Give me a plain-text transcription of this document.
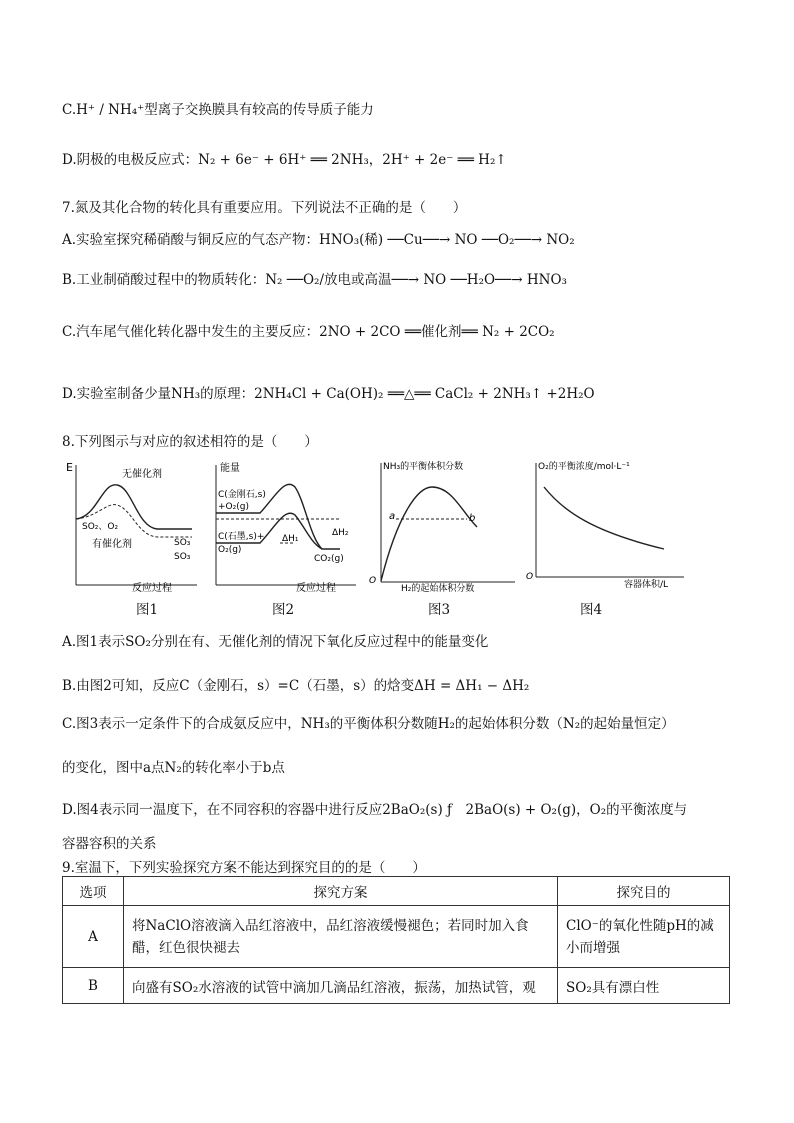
C.H⁺ / NH₄⁺型离子交换膜具有较高的传导质子能力
D.阴极的电极反应式：N₂ + 6e⁻ + 6H⁺ ══ 2NH₃，2H⁺ + 2e⁻ ══ H₂↑
7.氮及其化合物的转化具有重要应用。下列说法不正确的是（　　）
A.实验室探究稀硝酸与铜反应的气态产物：HNO₃(稀) ──Cu──→ NO ──O₂──→ NO₂
B.工业制硝酸过程中的物质转化：N₂ ──O₂/放电或高温──→ NO ──H₂O──→ HNO₃
C.汽车尾气催化转化器中发生的主要反应：2NO + 2CO ══催化剂══ N₂ + 2CO₂
D.实验室制备少量NH₃的原理：2NH₄Cl + Ca(OH)₂ ══△══ CaCl₂ + 2NH₃↑ +2H₂O
8.下列图示与对应的叙述相符的是（　　）
E
反应过程
无催化剂
SO₂、O₂
有催化剂	SO₃
SO₃
能量
反应过程
C(金刚石,s)
+O₂(g)
C(石墨,s)+
O₂(g)
ΔH₁
ΔH₂
CO₂(g)
NH₃的平衡体积分数
H₂的起始体积分数
O
a	b
O₂的平衡浓度/mol·L⁻¹
容器体积/L
O
图1	图2	图3	图4
A.图1表示SO₂分别在有、无催化剂的情况下氧化反应过程中的能量变化
B.由图2可知，反应C（金刚石，s）=C（石墨，s）的焓变ΔH = ΔH₁ − ΔH₂
C.图3表示一定条件下的合成氨反应中，NH₃的平衡体积分数随H₂的起始体积分数（N₂的起始量恒定）
的变化，图中a点N₂的转化率小于b点
D.图4表示同一温度下，在不同容积的容器中进行反应2BaO₂(s) ƒ　2BaO(s) + O₂(g)，O₂的平衡浓度与
容器容积的关系
9.室温下，下列实验探究方案不能达到探究目的的是（　　）
选项	探究方案	探究目的
A	将NaClO溶液滴入品红溶液中，品红溶液缓慢褪色；若同时加入食醋，红色很快褪去	ClO⁻的氧化性随pH的减小而增强
B	向盛有SO₂水溶液的试管中滴加几滴品红溶液，振荡，加热试管，观	SO₂具有漂白性
